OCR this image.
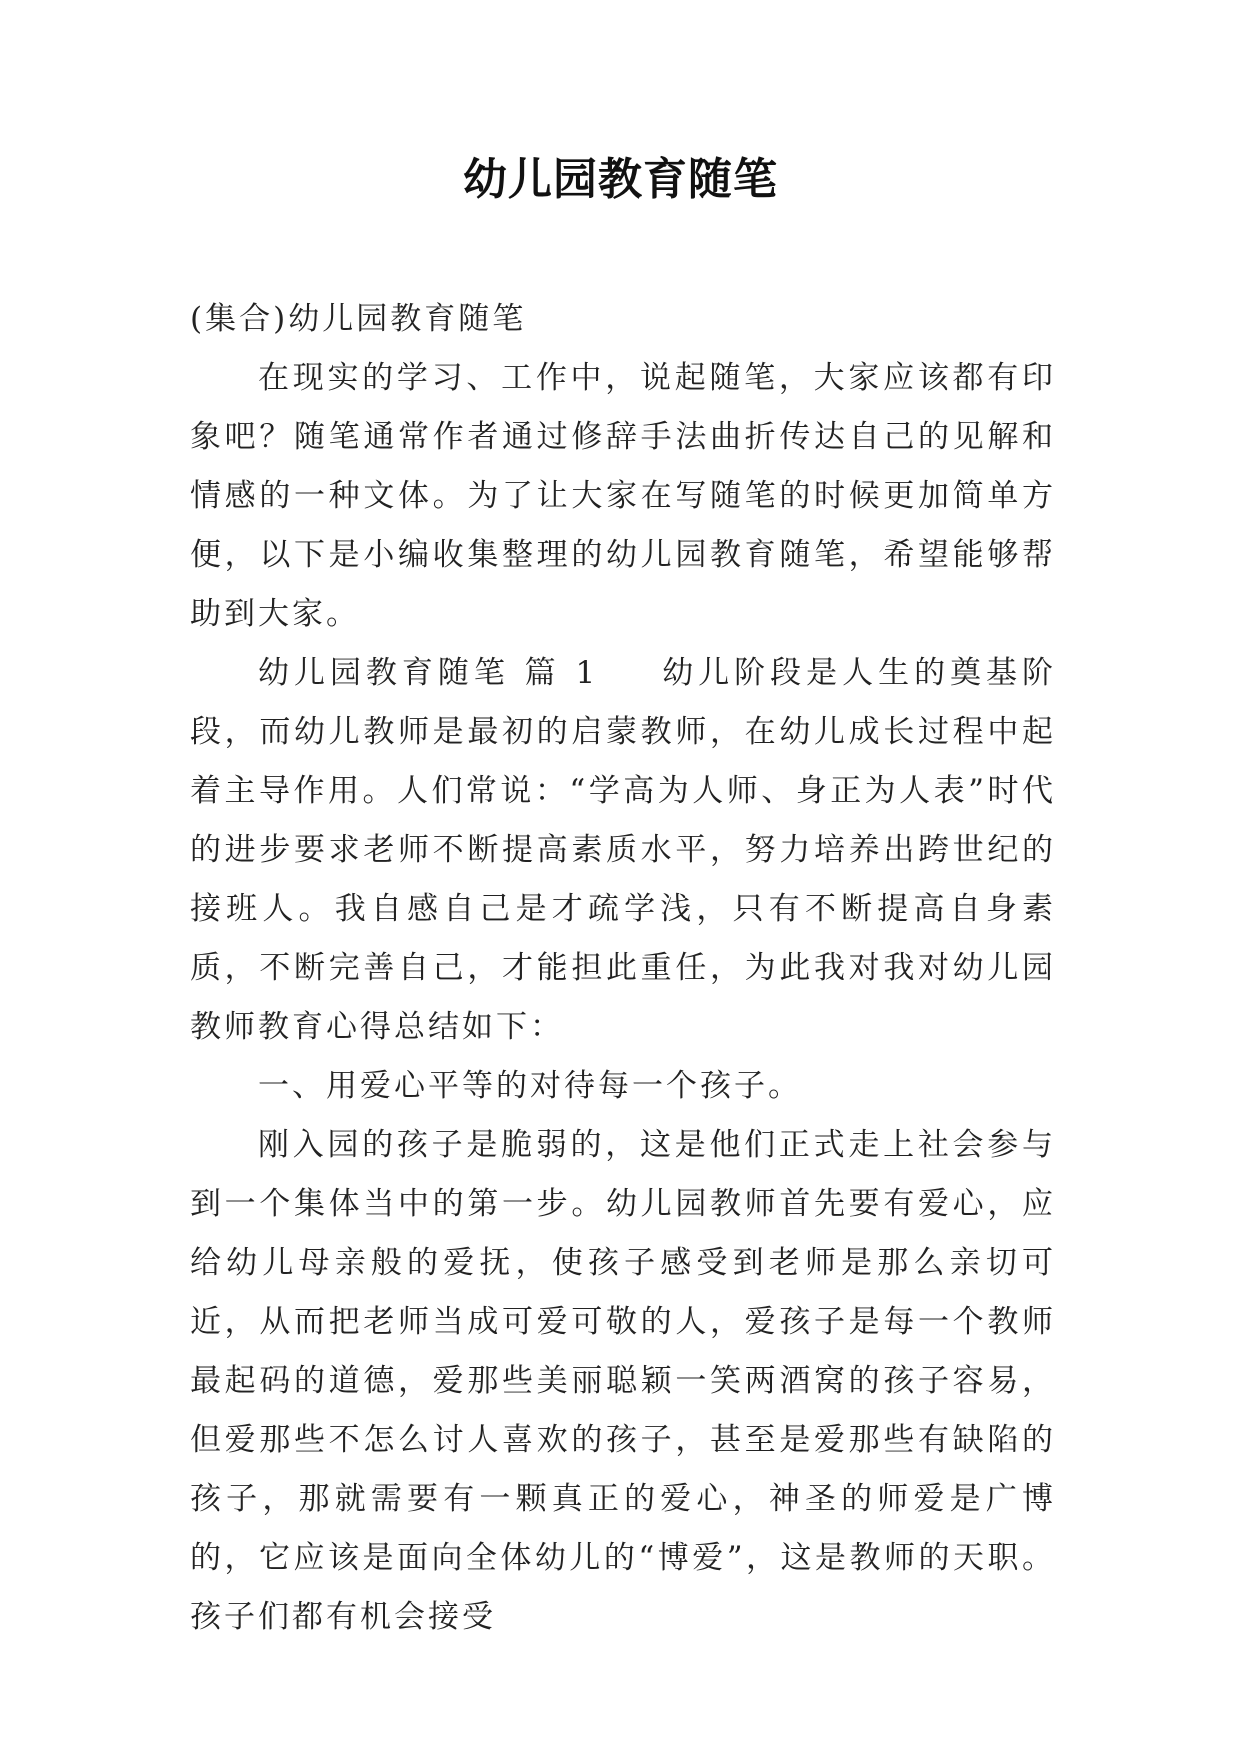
幼儿园教育随笔

(集合)幼儿园教育随笔

在现实的学习、工作中，说起随笔，大家应该都有印象吧？随笔通常作者通过修辞手法曲折传达自己的见解和情感的一种文体。为了让大家在写随笔的时候更加简单方便，以下是小编收集整理的幼儿园教育随笔，希望能够帮助到大家。

幼儿园教育随笔 篇 1 幼儿阶段是人生的奠基阶段，而幼儿教师是最初的启蒙教师，在幼儿成长过程中起着主导作用。人们常说：“学高为人师、身正为人表”时代的进步要求老师不断提高素质水平，努力培养出跨世纪的接班人。我自感自己是才疏学浅，只有不断提高自身素质，不断完善自己，才能担此重任，为此我对我对幼儿园教师教育心得总结如下：

一、用爱心平等的对待每一个孩子。

刚入园的孩子是脆弱的，这是他们正式走上社会参与到一个集体当中的第一步。幼儿园教师首先要有爱心，应给幼儿母亲般的爱抚，使孩子感受到老师是那么亲切可近，从而把老师当成可爱可敬的人，爱孩子是每一个教师最起码的道德，爱那些美丽聪颖一笑两酒窝的孩子容易，但爱那些不怎么讨人喜欢的孩子，甚至是爱那些有缺陷的孩子，那就需要有一颗真正的爱心，神圣的师爱是广博的，它应该是面向全体幼儿的“博爱”，这是教师的天职。孩子们都有机会接受
